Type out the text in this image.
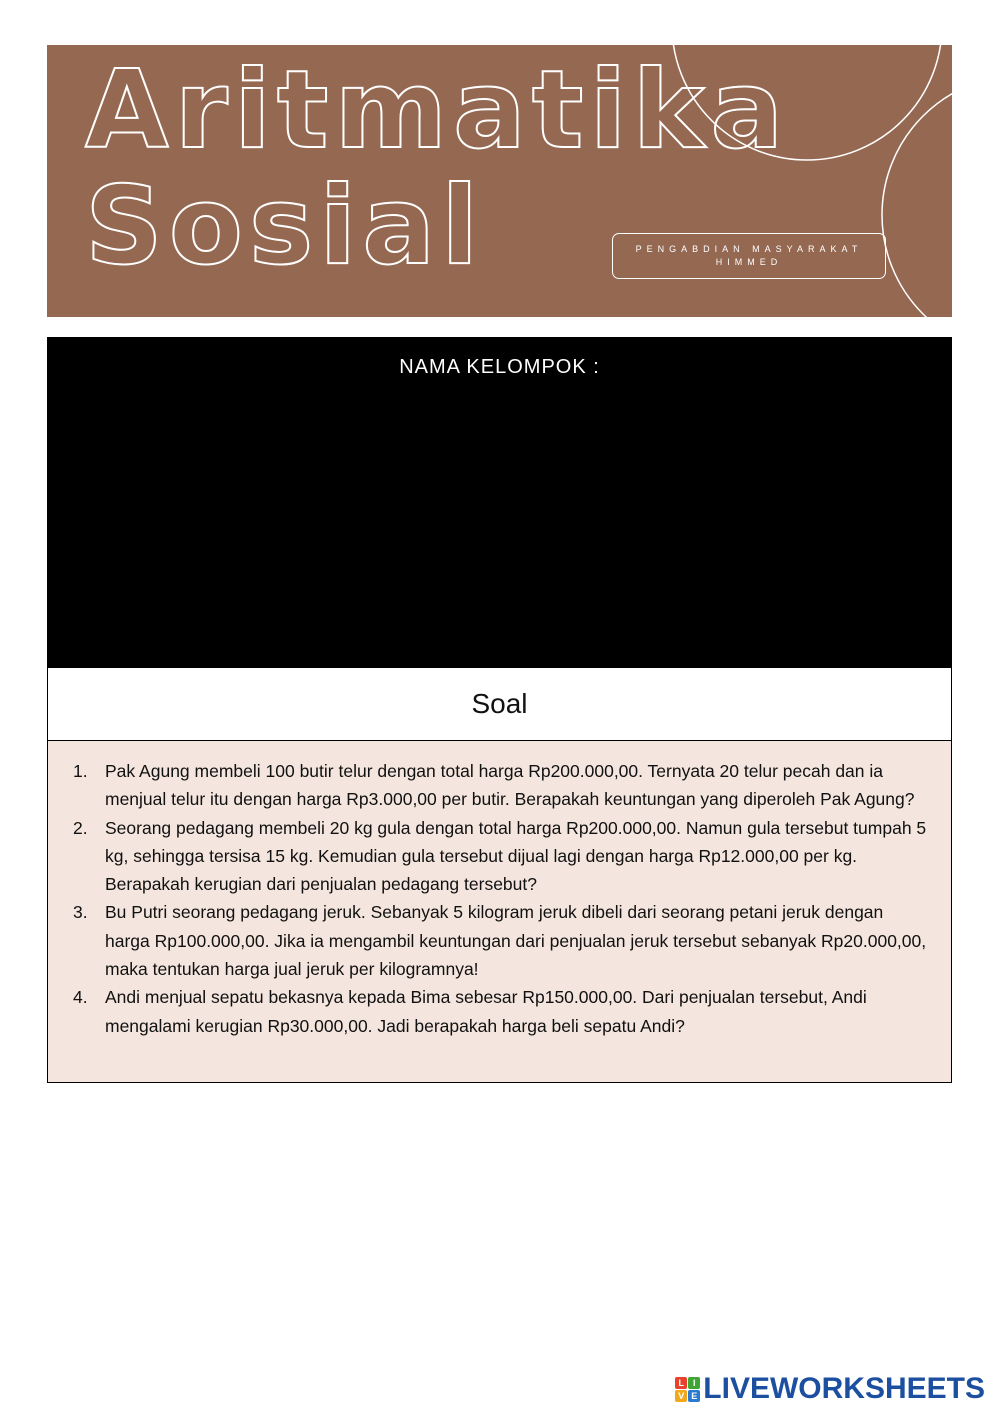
Aritmatika
Sosial	PENGABDIAN MASYARAKAT
HIMMED
NAMA KELOMPOK :
Soal
1. Pak Agung membeli 100 butir telur dengan total harga Rp200.000,00. Ternyata 20 telur pecah dan ia menjual telur itu dengan harga Rp3.000,00 per butir. Berapakah keuntungan yang diperoleh Pak Agung?
2. Seorang pedagang membeli 20 kg gula dengan total harga Rp200.000,00. Namun gula tersebut tumpah 5 kg, sehingga tersisa 15 kg. Kemudian gula tersebut dijual lagi dengan harga Rp12.000,00 per kg. Berapakah kerugian dari penjualan pedagang tersebut?
3. Bu Putri seorang pedagang jeruk. Sebanyak 5 kilogram jeruk dibeli dari seorang petani jeruk dengan harga Rp100.000,00. Jika ia mengambil keuntungan dari penjualan jeruk tersebut sebanyak Rp20.000,00, maka tentukan harga jual jeruk per kilogramnya!
4. Andi menjual sepatu bekasnya kepada Bima sebesar Rp150.000,00. Dari penjualan tersebut, Andi mengalami kerugian Rp30.000,00. Jadi berapakah harga beli sepatu Andi?
L I
V E LIVEWORKSHEETS
